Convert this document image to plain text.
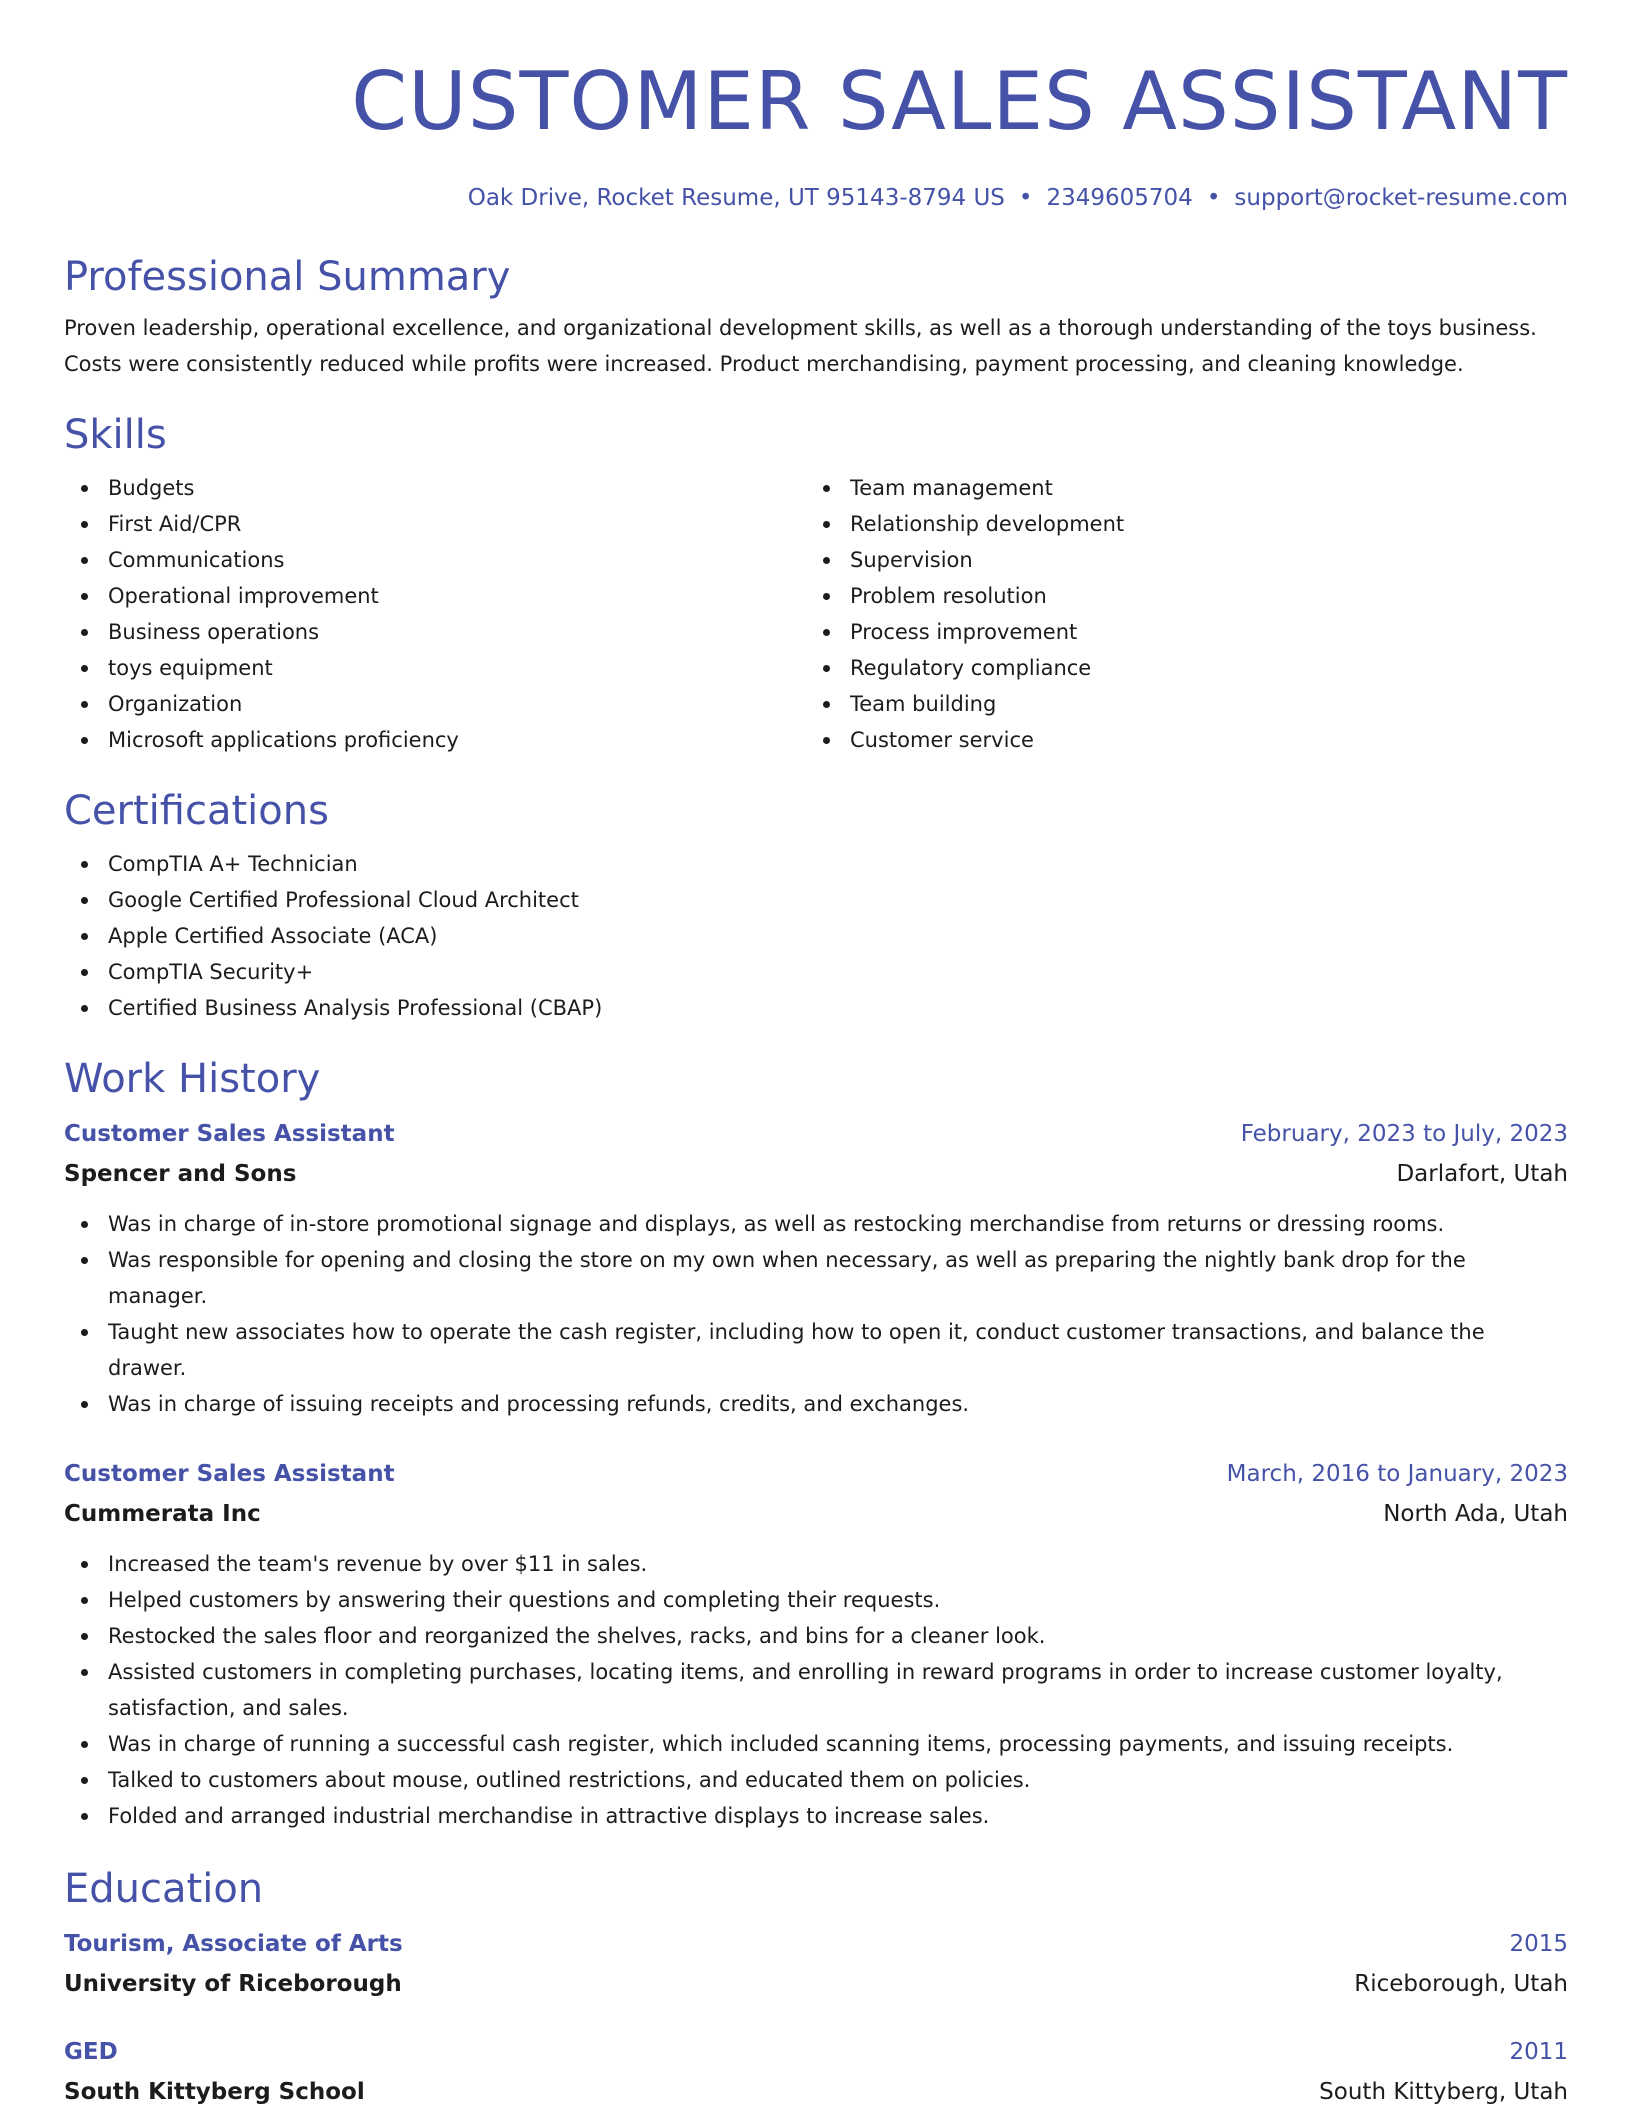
CUSTOMER SALES ASSISTANT
Oak Drive, Rocket Resume, UT 95143-8794 US • 2349605704 • support@rocket-resume.com
Professional Summary
Proven leadership, operational excellence, and organizational development skills, as well as a thorough understanding of the toys business. Costs were consistently reduced while profits were increased. Product merchandising, payment processing, and cleaning knowledge.
Skills
Budgets
First Aid/CPR
Communications
Operational improvement
Business operations
toys equipment
Organization
Microsoft applications proficiency
Team management
Relationship development
Supervision
Problem resolution
Process improvement
Regulatory compliance
Team building
Customer service
Certifications
CompTIA A+ Technician
Google Certified Professional Cloud Architect
Apple Certified Associate (ACA)
CompTIA Security+
Certified Business Analysis Professional (CBAP)
Work History
Customer Sales Assistant	February, 2023 to July, 2023
Spencer and Sons	Darlafort, Utah
Was in charge of in-store promotional signage and displays, as well as restocking merchandise from returns or dressing rooms.
Was responsible for opening and closing the store on my own when necessary, as well as preparing the nightly bank drop for the manager.
Taught new associates how to operate the cash register, including how to open it, conduct customer transactions, and balance the drawer.
Was in charge of issuing receipts and processing refunds, credits, and exchanges.
Customer Sales Assistant	March, 2016 to January, 2023
Cummerata Inc	North Ada, Utah
Increased the team's revenue by over $11 in sales.
Helped customers by answering their questions and completing their requests.
Restocked the sales floor and reorganized the shelves, racks, and bins for a cleaner look.
Assisted customers in completing purchases, locating items, and enrolling in reward programs in order to increase customer loyalty, satisfaction, and sales.
Was in charge of running a successful cash register, which included scanning items, processing payments, and issuing receipts.
Talked to customers about mouse, outlined restrictions, and educated them on policies.
Folded and arranged industrial merchandise in attractive displays to increase sales.
Education
Tourism, Associate of Arts	2015
University of Riceborough	Riceborough, Utah
GED	2011
South Kittyberg School	South Kittyberg, Utah
